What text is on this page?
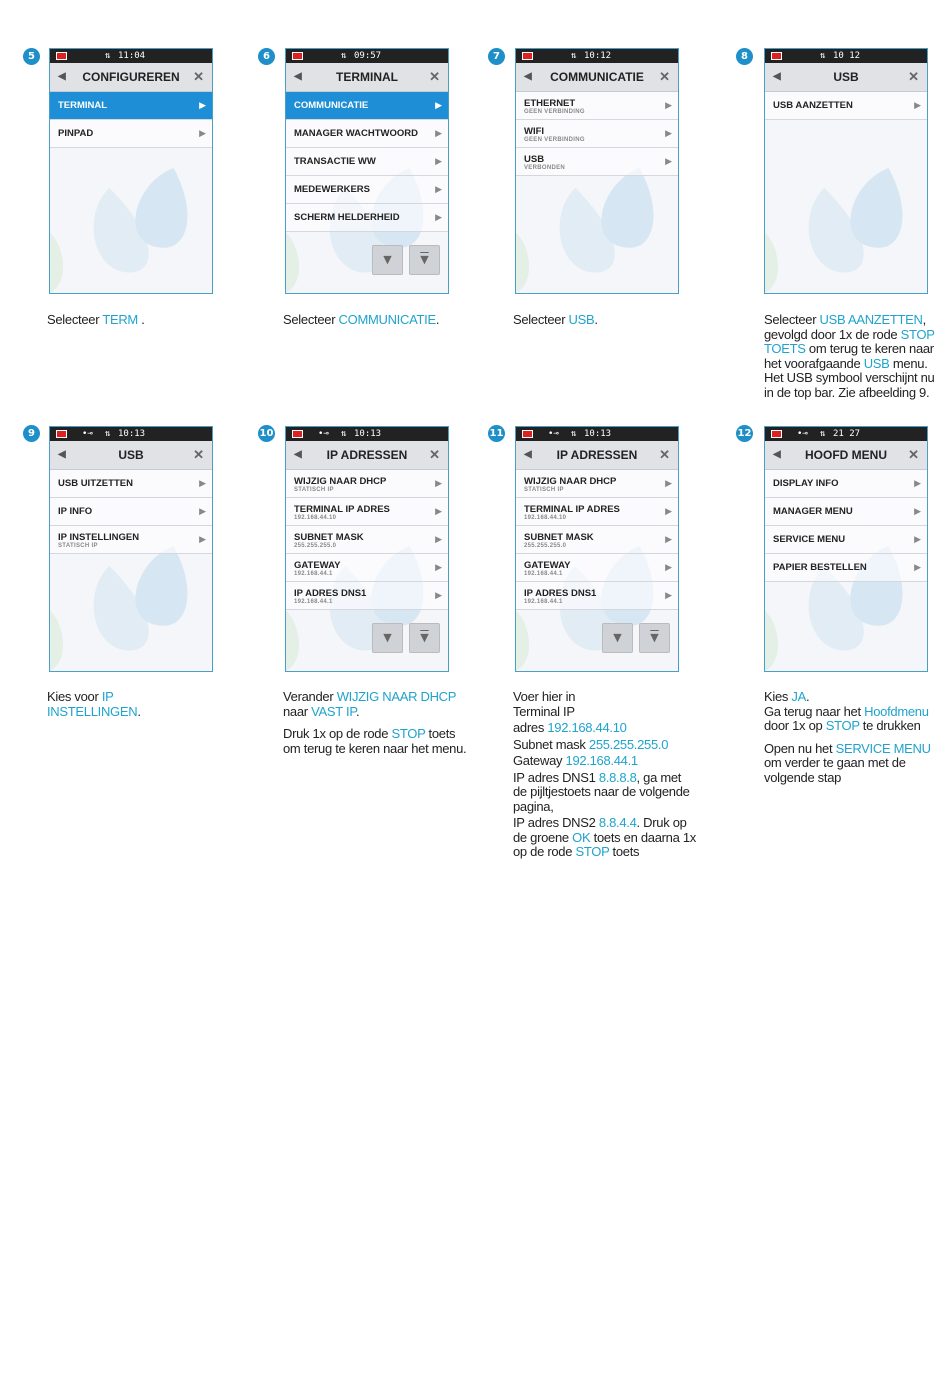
5	⇅ 11:04
◀ CONFIGUREREN ✕
TERMINAL	▶
PINPAD	▶

Selecteer TERM .

6	⇅ 09:57
◀	TERMINAL ✕
COMMUNICATIE	▶
MANAGER WACHTWOORD ▶
TRANSACTIE WW	▶
MEDEWERKERS	▶
SCHERM HELDERHEID	▶
▼	▼

Selecteer COMMUNICATIE.

7	⇅ 10:12
◀ COMMUNICATIE ✕
ETHERNET
GEEN VERBINDING
▶
WIFI
GEEN VERBINDING
▶
USB
VERBONDEN
▶

Selecteer USB.

8	⇅ 10 12
◀	USB	✕
USB AANZETTEN	▶

Selecteer USB AANZETTEN, gevolgd door 1x de rode STOP TOETS om terug te keren naar het voorafgaande USB menu. Het USB symbool verschijnt nu in de top bar. Zie afbeelding 9.

9	•⊸ ⇅ 10:13
◀	USB	✕
USB UITZETTEN	▶
IP INFO	▶
IP INSTELLINGEN
STATISCH IP
▶

Kies voor IP INSTELLINGEN.

10	•⊸ ⇅ 10:13
◀ IP ADRESSEN ✕
WIJZIG NAAR DHCP
STATISCH IP
▶
TERMINAL IP ADRES
192.168.44.10
▶
SUBNET MASK
255.255.255.0
▶
GATEWAY
192.168.44.1
▶
IP ADRES DNS1
192.168.44.1
▶
▼	▼

Verander WIJZIG NAAR DHCP naar VAST IP.

Druk 1x op de rode STOP toets om terug te keren naar het menu.

11	•⊸ ⇅ 10:13
◀ IP ADRESSEN ✕
WIJZIG NAAR DHCP
STATISCH IP
▶
TERMINAL IP ADRES
192.168.44.10
▶
SUBNET MASK
255.255.255.0
▶
GATEWAY
192.168.44.1
▶
IP ADRES DNS1
192.168.44.1
▶
▼	▼

Voer hier in

Terminal IP

adres 192.168.44.10

Subnet mask 255.255.255.0

Gateway 192.168.44.1

IP adres DNS1 8.8.8.8, ga met de pijltjestoets naar de volgende pagina,

IP adres DNS2 8.8.4.4. Druk op de groene OK toets en daarna 1x op de rode STOP toets

12	•⊸ ⇅ 21 27
◀ HOOFD MENU ✕
DISPLAY INFO	▶
MANAGER MENU	▶
SERVICE MENU	▶
PAPIER BESTELLEN	▶

Kies JA.

Ga terug naar het Hoofdmenu door 1x op STOP te drukken

Open nu het SERVICE MENU om verder te gaan met de volgende stap
